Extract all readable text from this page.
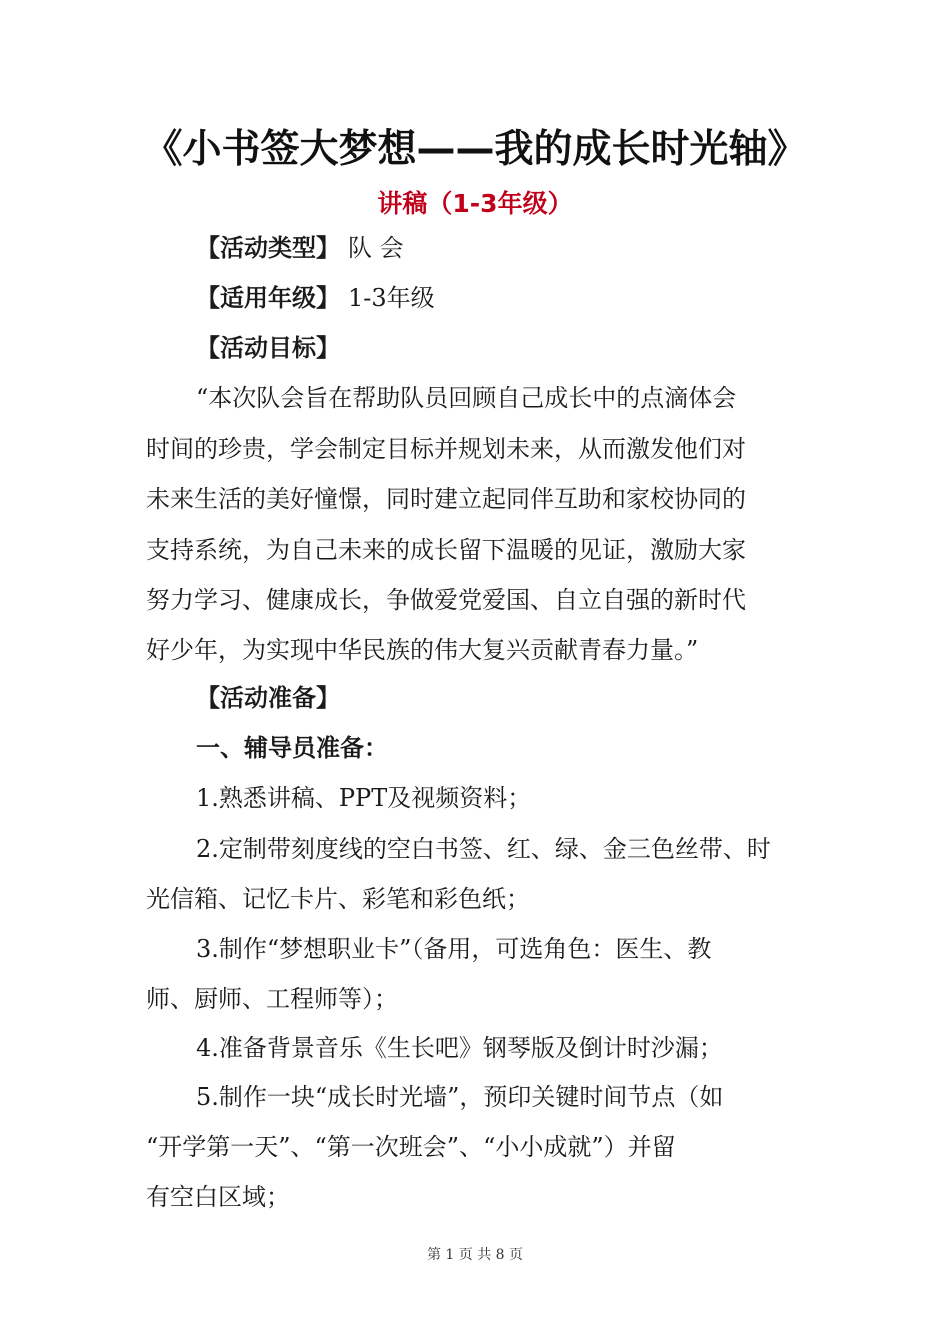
《小书签大梦想——我的成长时光轴》
讲稿（1-3年级）
【活动类型】 队 会
【适用年级】 1-3年级
【活动目标】
“本次队会旨在帮助队员回顾自己成长中的点滴体会
时间的珍贵，学会制定目标并规划未来，从而激发他们对
未来生活的美好憧憬，同时建立起同伴互助和家校协同的
支持系统，为自己未来的成长留下温暖的见证，激励大家
努力学习、健康成长，争做爱党爱国、自立自强的新时代
好少年，为实现中华民族的伟大复兴贡献青春力量。”
【活动准备】
一、辅导员准备：
1.熟悉讲稿、PPT及视频资料；
2.定制带刻度线的空白书签、红、绿、金三色丝带、时
光信箱、记忆卡片、彩笔和彩色纸；
3.制作“梦想职业卡”（备用，可选角色：医生、教
师、厨师、工程师等）；
4.准备背景音乐《生长吧》钢琴版及倒计时沙漏；
5.制作一块“成长时光墙”，预印关键时间节点（如
“开学第一天”、“第一次班会”、“小小成就”）并留
有空白区域；
第 1 页 共 8 页
